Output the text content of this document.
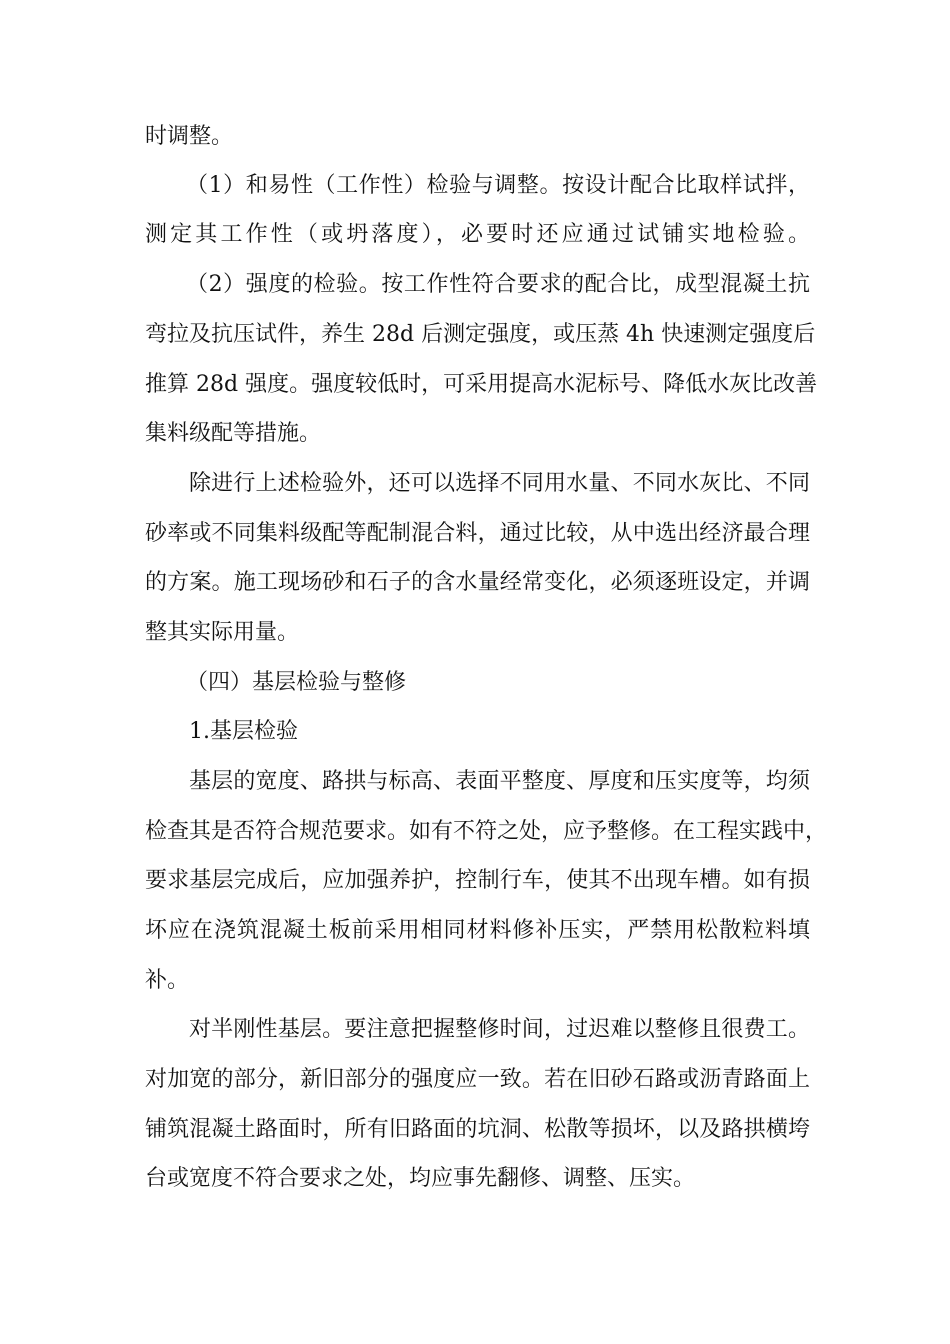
时调整。
（1）和易性（工作性）检验与调整。按设计配合比取样试拌，
测定其工作性（或坍落度），必要时还应通过试铺实地检验。
（2）强度的检验。按工作性符合要求的配合比，成型混凝土抗
弯拉及抗压试件，养生 28d 后测定强度，或压蒸 4h 快速测定强度后
推算 28d 强度。强度较低时，可采用提高水泥标号、降低水灰比改善
集料级配等措施。
除进行上述检验外，还可以选择不同用水量、不同水灰比、不同
砂率或不同集料级配等配制混合料，通过比较，从中选出经济最合理
的方案。施工现场砂和石子的含水量经常变化，必须逐班设定，并调
整其实际用量。
（四）基层检验与整修
1.基层检验
基层的宽度、路拱与标高、表面平整度、厚度和压实度等，均须
检查其是否符合规范要求。如有不符之处，应予整修。在工程实践中，
要求基层完成后，应加强养护，控制行车，使其不出现车槽。如有损
坏应在浇筑混凝土板前采用相同材料修补压实，严禁用松散粒料填
补。
对半刚性基层。要注意把握整修时间，过迟难以整修且很费工。
对加宽的部分，新旧部分的强度应一致。若在旧砂石路或沥青路面上
铺筑混凝土路面时，所有旧路面的坑洞、松散等损坏，以及路拱横垮
台或宽度不符合要求之处，均应事先翻修、调整、压实。
